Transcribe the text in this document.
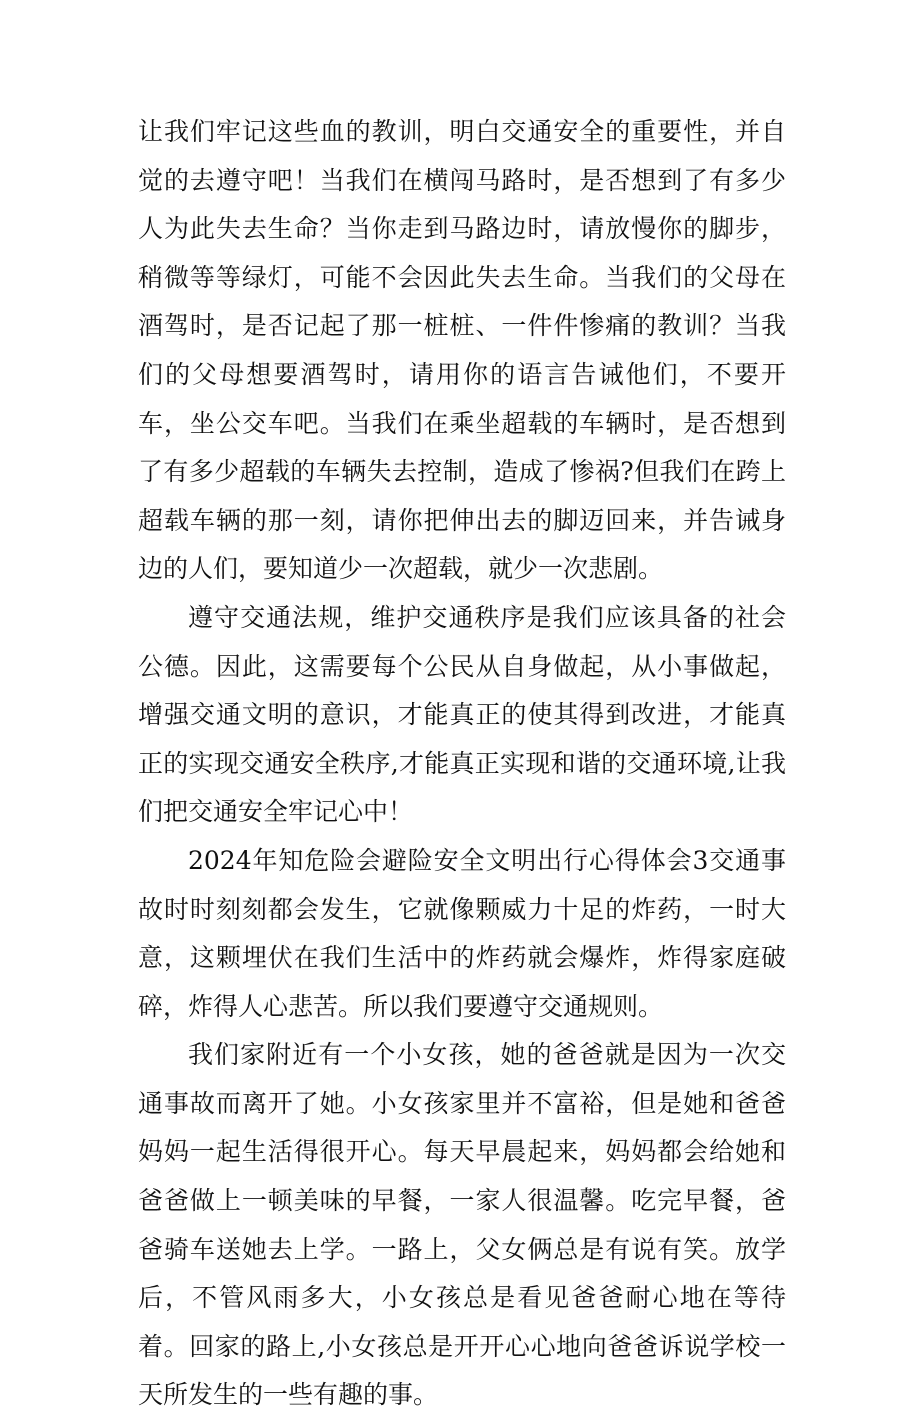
让我们牢记这些血的教训，明白交通安全的重要性，并自觉的去遵守吧！当我们在横闯马路时，是否想到了有多少人为此失去生命？当你走到马路边时，请放慢你的脚步，稍微等等绿灯，可能不会因此失去生命。当我们的父母在酒驾时，是否记起了那一桩桩、一件件惨痛的教训？当我们的父母想要酒驾时，请用你的语言告诫他们，不要开车，坐公交车吧。当我们在乘坐超载的车辆时，是否想到了有多少超载的车辆失去控制，造成了惨祸?但我们在跨上超载车辆的那一刻，请你把伸出去的脚迈回来，并告诫身边的人们，要知道少一次超载，就少一次悲剧。

遵守交通法规，维护交通秩序是我们应该具备的社会公德。因此，这需要每个公民从自身做起，从小事做起，增强交通文明的意识，才能真正的使其得到改进，才能真正的实现交通安全秩序,才能真正实现和谐的交通环境,让我们把交通安全牢记心中！

2024年知危险会避险安全文明出行心得体会3交通事故时时刻刻都会发生，它就像颗威力十足的炸药，一时大意，这颗埋伏在我们生活中的炸药就会爆炸，炸得家庭破碎，炸得人心悲苦。所以我们要遵守交通规则。

我们家附近有一个小女孩，她的爸爸就是因为一次交通事故而离开了她。小女孩家里并不富裕，但是她和爸爸妈妈一起生活得很开心。每天早晨起来，妈妈都会给她和爸爸做上一顿美味的早餐，一家人很温馨。吃完早餐，爸爸骑车送她去上学。一路上，父女俩总是有说有笑。放学后，不管风雨多大，小女孩总是看见爸爸耐心地在等待着。回家的路上,小女孩总是开开心心地向爸爸诉说学校一天所发生的一些有趣的事。
